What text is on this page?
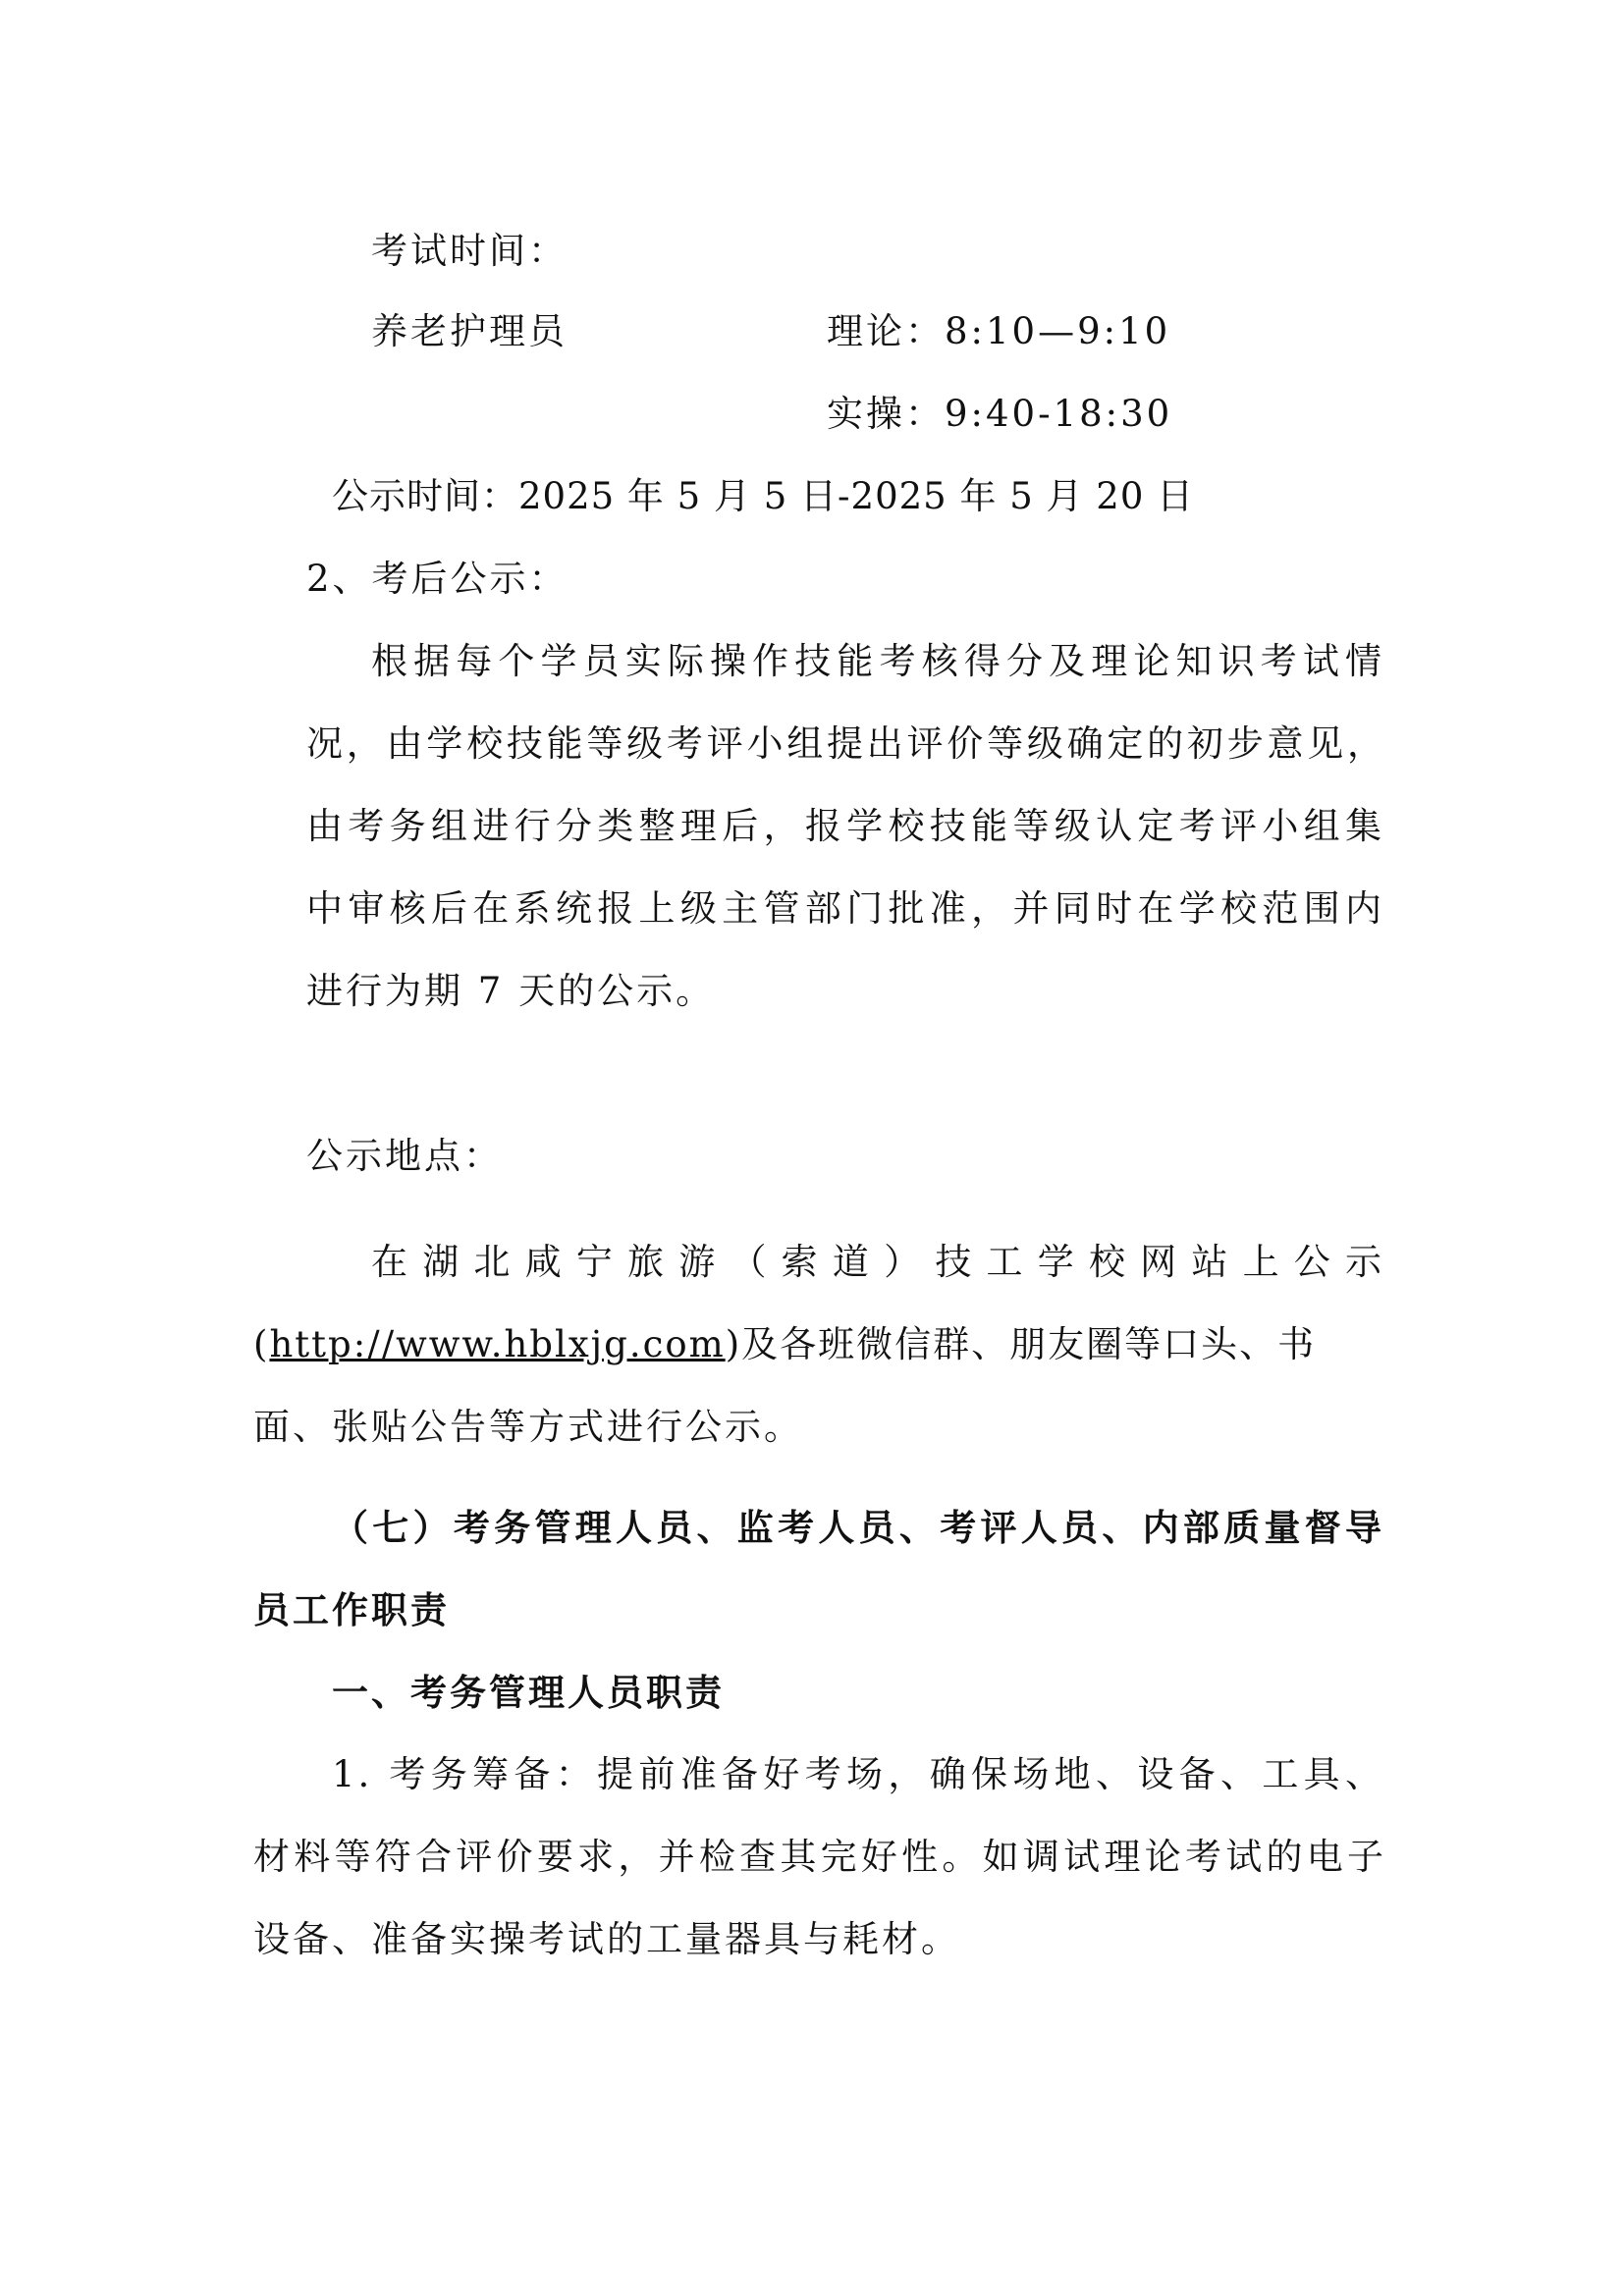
考试时间：
养老护理员	理论：8:10—9:10
实操：9:40-18:30
公示时间：2025 年 5 月 5 日-2025 年 5 月 20 日
2、考后公示：
根据每个学员实际操作技能考核得分及理论知识考试情
况，由学校技能等级考评小组提出评价等级确定的初步意见，
由考务组进行分类整理后，报学校技能等级认定考评小组集
中审核后在系统报上级主管部门批准，并同时在学校范围内
进行为期 7 天的公示。
公示地点：
在湖北咸宁旅游（索道）技工学校网站上公示
(http://www.hblxjg.com)及各班微信群、朋友圈等口头、书
面、张贴公告等方式进行公示。
（七）考务管理人员、监考人员、考评人员、内部质量督导
员工作职责
一、考务管理人员职责
1. 考务筹备：提前准备好考场，确保场地、设备、工具、
材料等符合评价要求，并检查其完好性。如调试理论考试的电子
设备、准备实操考试的工量器具与耗材。
